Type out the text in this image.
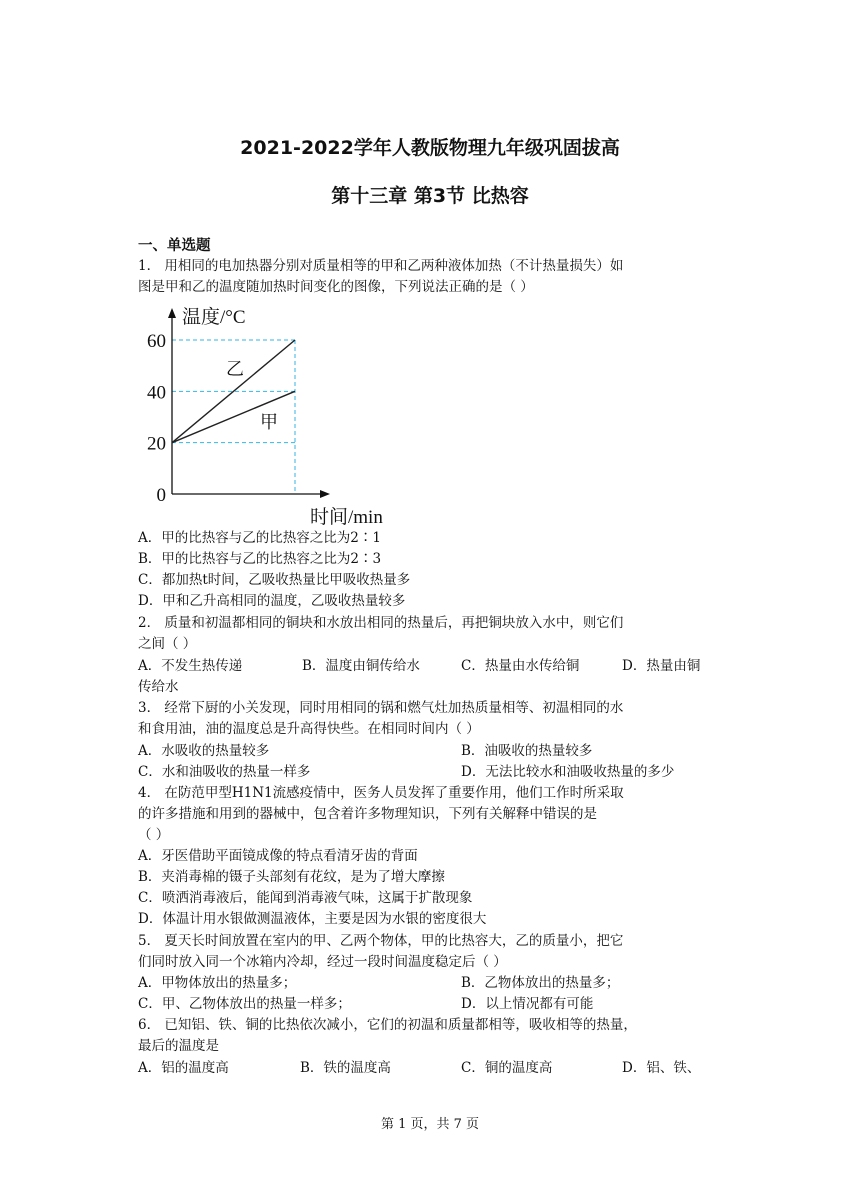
2021-2022学年人教版物理九年级巩固拔高
第十三章 第3节 比热容
一、单选题
1． 用相同的电加热器分别对质量相等的甲和乙两种液体加热（不计热量损失）如
图是甲和乙的温度随加热时间变化的图像，下列说法正确的是（ ）
0
20
40
60
温度/°C
时间/min
乙
甲
A．甲的比热容与乙的比热容之比为2∶1
B．甲的比热容与乙的比热容之比为2∶3
C．都加热t时间，乙吸收热量比甲吸收热量多
D．甲和乙升高相同的温度，乙吸收热量较多
2． 质量和初温都相同的铜块和水放出相同的热量后，再把铜块放入水中，则它们
之间（ ）
A．不发生热传递	B．温度由铜传给水	C．热量由水传给铜	D．热量由铜
传给水
3． 经常下厨的小关发现，同时用相同的锅和燃气灶加热质量相等、初温相同的水
和食用油，油的温度总是升高得快些。在相同时间内（ ）
A．水吸收的热量较多	B．油吸收的热量较多
C．水和油吸收的热量一样多	D．无法比较水和油吸收热量的多少
4． 在防范甲型H1N1流感疫情中，医务人员发挥了重要作用，他们工作时所采取
的许多措施和用到的器械中，包含着许多物理知识，下列有关解释中错误的是
（ ）
A．牙医借助平面镜成像的特点看清牙齿的背面
B．夹消毒棉的镊子头部刻有花纹，是为了增大摩擦
C．喷洒消毒液后，能闻到消毒液气味，这属于扩散现象
D．体温计用水银做测温液体，主要是因为水银的密度很大
5． 夏天长时间放置在室内的甲、乙两个物体，甲的比热容大，乙的质量小，把它
们同时放入同一个冰箱内冷却，经过一段时间温度稳定后（ ）
A．甲物体放出的热量多；	B．乙物体放出的热量多；
C．甲、乙物体放出的热量一样多；	D．以上情况都有可能
6． 已知铝、铁、铜的比热依次减小，它们的初温和质量都相等，吸收相等的热量，
最后的温度是
A．铝的温度高	B．铁的温度高	C．铜的温度高	D．铝、铁、
第 1 页，共 7 页
